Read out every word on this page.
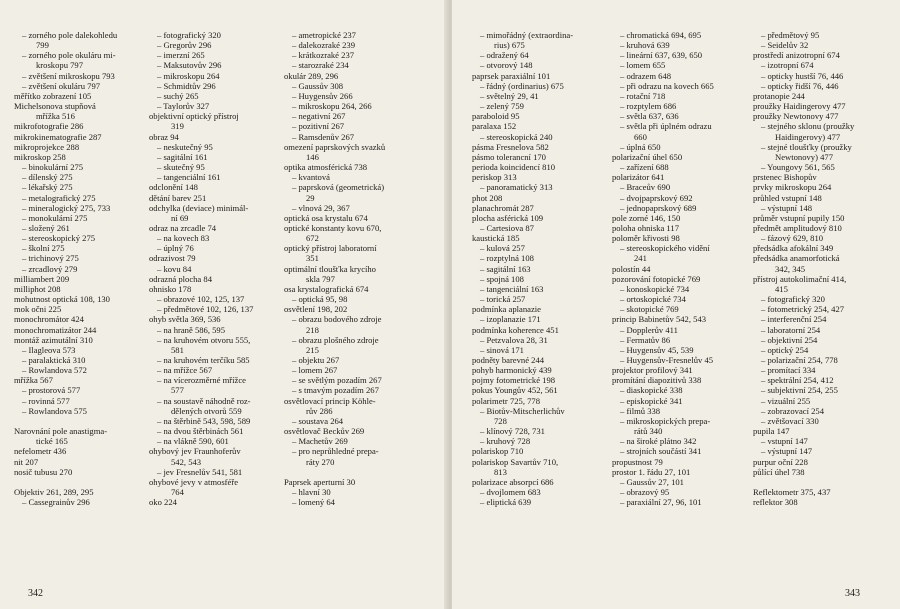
– zorného pole dalekohledu
799
– zorného pole okuláru mi-
kroskopu 797
– zvětšení mikroskopu 793
– zvětšení okuláru 797
měřítko zobrazení 105
Michelsonova stupňová
mřížka 516
mikrofotografie 286
mikrokinematografie 287
mikroprojekce 288
mikroskop 258
– binokulární 275
– dílenský 275
– lékařský 275
– metalografický 275
– mineralogický 275, 733
– monokulární 275
– složený 261
– stereoskopický 275
– školní 275
– trichinový 275
– zrcadlový 279
milliambert 209
milliphot 208
mohutnost optická 108, 130
mok očni 225
monochromátor 424
monochromatizátor 244
montáž azimutální 310
– Ilagleova 573
– paralaktická 310
– Rowlandova 572
mřížka 567
– prostorová 577
– rovinná 577
– Rowlandova 575
Narovnání pole anastigma-
tické 165
nefelometr 436
nit 207
nosič tubusu 270
Objektiv 261, 289, 295
– Cassegrainův 296
– fotografický 320
– Gregorův 296
– imerzní 265
– Maksutovův 296
– mikroskopu 264
– Schmidtův 296
– suchý 265
– Taylorův 327
objektivní optický přístroj
319
obraz 94
– neskutečný 95
– sagitální 161
– skutečný 95
– tangenciální 161
odclonění 148
dětání barev 251
odchylka (deviace) minimál-
ní 69
odraz na zrcadle 74
– na kovech 83
– úplný 76
odrazivost 79
– kovu 84
odrazná plocha 84
ohnisko 178
– obrazové 102, 125, 137
– předmětové 102, 126, 137
ohyb světla 369, 536
– na hraně 586, 595
– na kruhovém otvoru 555,
581
– na kruhovém terčíku 585
– na mřížce 567
– na vícerozměrné mřížce
577
– na soustavě náhodně roz-
dělených otvorů 559
– na štěrbině 543, 598, 589
– na dvou štěrbinách 561
– na vlákně 590, 601
ohybový jev Fraunhoferův
542, 543
– jev Fresnelův 541, 581
ohybové jevy v atmosféře
764
oko 224
– ametropické 237
– dalekozraké 239
– krátkozraké 237
– starozraké 234
okulár 289, 296
– Gaussův 308
– Huygensův 266
– mikroskopu 264, 266
– negativní 267
– pozitivní 267
– Ramsdenův 267
omezení paprskových svazků
146
optika atmosférická 738
– kvantová
– paprsková (geometrická)
29
– vlnová 29, 367
optická osa krystalu 674
optické konstanty kovu 670,
672
optický přístroj laboratorní
351
optimální tloušťka krycího
skla 797
osa krystalografická 674
– optická 95, 98
osvětlení 198, 202
– obrazu bodového zdroje
218
– obrazu plošného zdroje
215
– objektu 267
– lomem 267
– se světlým pozadím 267
– s tmavým pozadím 267
osvětlovací princip Köhle-
rův 286
– soustava 264
osvětlovač Beckův 269
– Machetův 269
– pro neprůhledné prepa-
ráty 270
Paprsek aperturní 30
– hlavní 30
– lomený 64
342
– mimořádný (extraordina-
rius) 675
– odražený 64
– otvorový 148
paprsek paraxiální 101
– řádný (ordinarius) 675
– světelný 29, 41
– zelený 759
paraboloid 95
paralaxa 152
– stereoskopická 240
pásma Fresnelova 582
pásmo tolerancní 170
perioda koincidencí 810
periskop 313
– panoramatický 313
phot 208
planachromát 287
plocha asférická 109
– Cartesiova 87
kaustická 185
– kulová 257
– rozptylná 108
– sagitální 163
– spojná 108
– tangenciální 163
– torická 257
podmínka aplanazie
– izoplanazie 171
podmínka koherence 451
– Petzvalova 28, 31
– sinová 171
podněty barevné 244
pohyb harmonický 439
pojmy fotometrické 198
pokus Youngův 452, 561
polarimetr 725, 778
– Biotův-Mitscherlichův
728
– klínový 728, 731
– kruhový 728
polariskop 710
polariskop Savartův 710,
813
polarizace absorpcí 686
– dvojlomem 683
– eliptická 639
– chromatická 694, 695
– kruhová 639
– lineární 637, 639, 650
– lomem 655
– odrazem 648
– při odrazu na kovech 665
– rotační 718
– rozptylem 686
– světla 637, 636
– světla při úplném odrazu
660
– úplná 650
polarizační úhel 650
– zařízení 688
polarizátor 641
– Braceův 690
– dvojpaprskový 692
– jednopaprskový 689
pole zorné 146, 150
poloha ohniska 117
poloměr křivosti 98
– stereoskopického vidění
241
polostín 44
pozorování fotopické 769
– konoskopické 734
– ortoskopické 734
– skotopické 769
princip Babinetův 542, 543
– Dopplerův 411
– Fermatův 86
– Huygensův 45, 539
– Huygensův-Fresnelův 45
projektor profilový 341
promítání diapozitivů 338
– diaskopické 338
– episkopické 341
– filmů 338
– mikroskopických prepa-
rátů 340
– na široké plátno 342
– strojních součástí 341
propustnost 79
prostor 1. řádu 27, 101
– Gaussův 27, 101
– obrazový 95
– paraxiální 27, 96, 101
– předmětový 95
– Seidelův 32
prostředí anizotropní 674
– izotropní 674
– opticky hustší 76, 446
– opticky řidší 76, 446
protanopie 244
proužky Haidingerovy 477
proužky Newtonovy 477
– stejného sklonu (proužky
Haidingerovy) 477
– stejné tloušťky (proužky
Newtonovy) 477
– Youngovy 561, 565
prstenec Bishopův
prvky mikroskopu 264
průhled vstupní 148
– výstupní 148
průměr vstupní pupily 150
předmět amplitudový 810
– fázový 629, 810
předsádka afokální 349
předsádka anamorfotická
342, 345
přístroj autokolimační 414,
415
– fotografický 320
– fotometrický 254, 427
– interferenční 254
– laboratorní 254
– objektivní 254
– optický 254
– polarizační 254, 778
– promítací 334
– spektrální 254, 412
– subjektivní 254, 255
– vizuální 255
– zobrazovací 254
– zvětšovací 330
pupila 147
– vstupní 147
– výstupní 147
purpur oční 228
půlící úhel 738
Reflektometr 375, 437
reflektor 308
343
